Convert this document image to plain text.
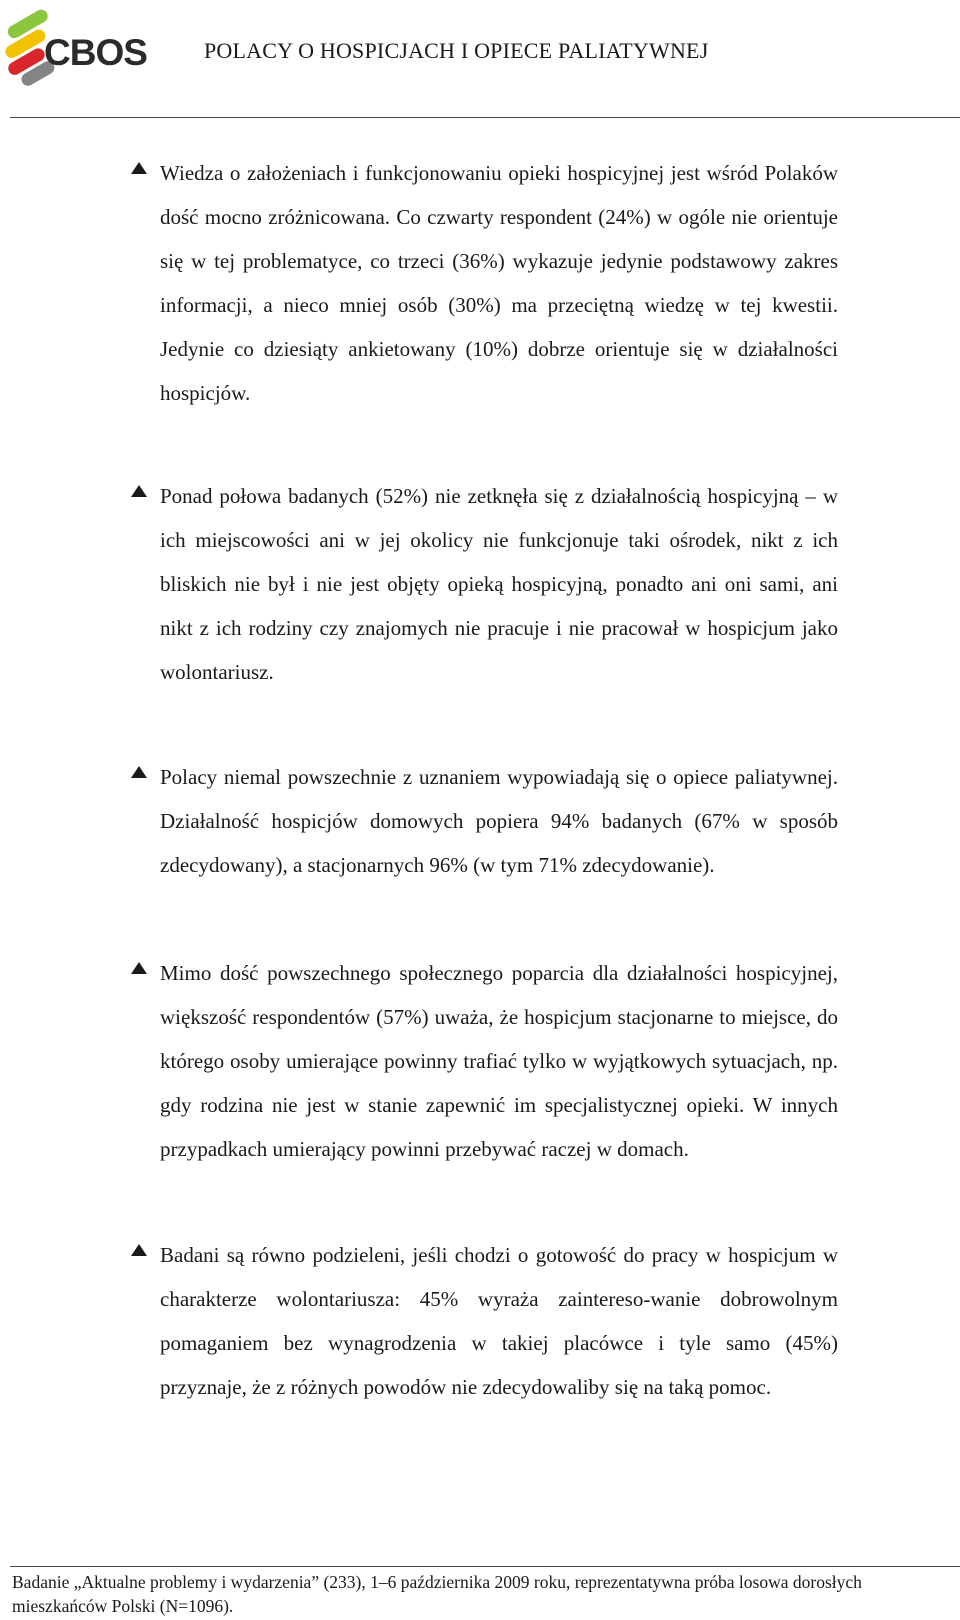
CBOS	POLACY O HOSPICJACH I OPIECE PALIATYWNEJ
Wiedza o założeniach i funkcjonowaniu opieki hospicyjnej jest wśród Polaków dość mocno zróżnicowana. Co czwarty respondent (24%) w ogóle nie orientuje się w tej problematyce, co trzeci (36%) wykazuje jedynie podstawowy zakres informacji, a nieco mniej osób (30%) ma przeciętną wiedzę w tej kwestii. Jedynie co dziesiąty ankietowany (10%) dobrze orientuje się w działalności hospicjów.
Ponad połowa badanych (52%) nie zetknęła się z działalnością hospicyjną – w ich miejscowości ani w jej okolicy nie funkcjonuje taki ośrodek, nikt z ich bliskich nie był i nie jest objęty opieką hospicyjną, ponadto ani oni sami, ani nikt z ich rodziny czy znajomych nie pracuje i nie pracował w hospicjum jako wolontariusz.
Polacy niemal powszechnie z uznaniem wypowiadają się o opiece paliatywnej. Działalność hospicjów domowych popiera 94% badanych (67% w sposób zdecydowany), a stacjonarnych 96% (w tym 71% zdecydowanie).
Mimo dość powszechnego społecznego poparcia dla działalności hospicyjnej, większość respondentów (57%) uważa, że hospicjum stacjonarne to miejsce, do którego osoby umierające powinny trafiać tylko w wyjątkowych sytuacjach, np. gdy rodzina nie jest w stanie zapewnić im specjalistycznej opieki. W innych przypadkach umierający powinni przebywać raczej w domach.
Badani są równo podzieleni, jeśli chodzi o gotowość do pracy w hospicjum w charakterze wolontariusza: 45% wyraża zaintereso-wanie dobrowolnym pomaganiem bez wynagrodzenia w takiej placówce i tyle samo (45%) przyznaje, że z różnych powodów nie zdecydowaliby się na taką pomoc.
Badanie „Aktualne problemy i wydarzenia” (233), 1–6 października 2009 roku, reprezentatywna próba losowa dorosłych mieszkańców Polski (N=1096).
